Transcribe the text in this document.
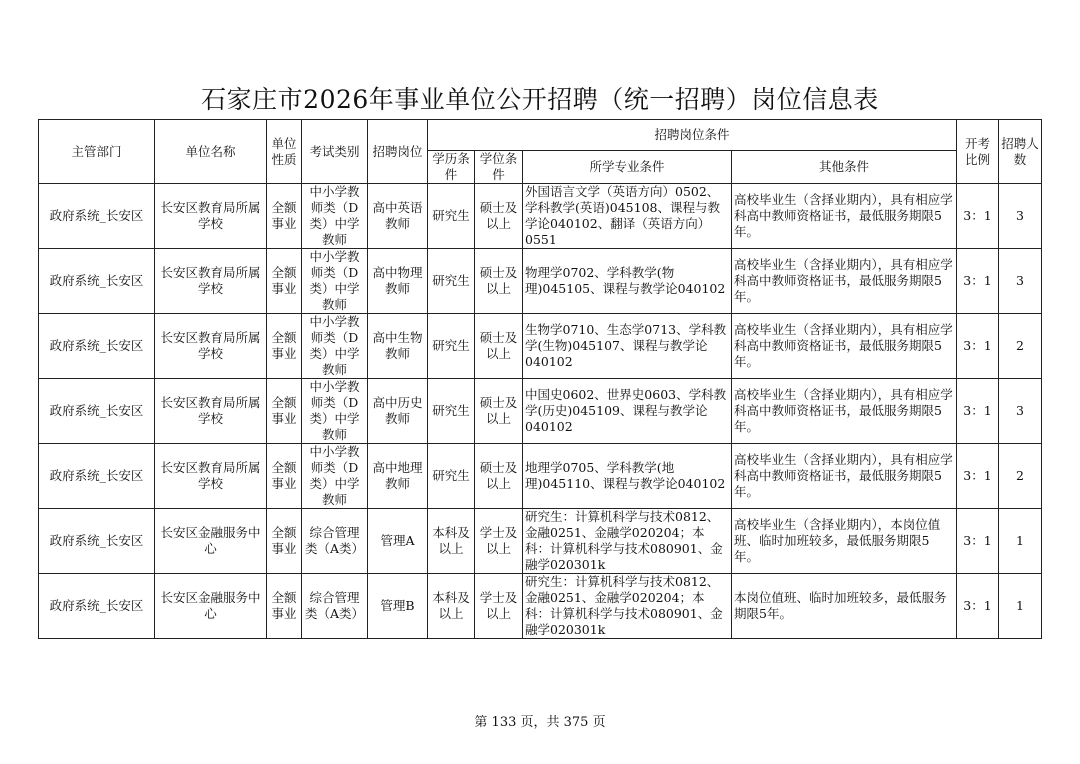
石家庄市2026年事业单位公开招聘（统一招聘）岗位信息表
主管部门	单位名称	单位性质	考试类别	招聘岗位	招聘岗位条件				开考比例	招聘人数
					学历条件	学位条件	所学专业条件	其他条件		
政府系统_长安区	长安区教育局所属学校	全额事业	中小学教师类（D类）中学教师	高中英语教师	研究生	硕士及以上	外国语言文学（英语方向）0502、学科教学(英语)045108、课程与教学论040102、翻译（英语方向）0551	高校毕业生（含择业期内），具有相应学科高中教师资格证书，最低服务期限5年。	3：1	3
政府系统_长安区	长安区教育局所属学校	全额事业	中小学教师类（D类）中学教师	高中物理教师	研究生	硕士及以上	物理学0702、学科教学(物理)045105、课程与教学论040102	高校毕业生（含择业期内），具有相应学科高中教师资格证书，最低服务期限5年。	3：1	3
政府系统_长安区	长安区教育局所属学校	全额事业	中小学教师类（D类）中学教师	高中生物教师	研究生	硕士及以上	生物学0710、生态学0713、学科教学(生物)045107、课程与教学论040102	高校毕业生（含择业期内），具有相应学科高中教师资格证书，最低服务期限5年。	3：1	2
政府系统_长安区	长安区教育局所属学校	全额事业	中小学教师类（D类）中学教师	高中历史教师	研究生	硕士及以上	中国史0602、世界史0603、学科教学(历史)045109、课程与教学论040102	高校毕业生（含择业期内），具有相应学科高中教师资格证书，最低服务期限5年。	3：1	3
政府系统_长安区	长安区教育局所属学校	全额事业	中小学教师类（D类）中学教师	高中地理教师	研究生	硕士及以上	地理学0705、学科教学(地理)045110、课程与教学论040102	高校毕业生（含择业期内），具有相应学科高中教师资格证书，最低服务期限5年。	3：1	2
政府系统_长安区	长安区金融服务中心	全额事业	综合管理类（A类）	管理A	本科及以上	学士及以上	研究生：计算机科学与技术0812、金融0251、金融学020204；本科：计算机科学与技术080901、金融学020301k	高校毕业生（含择业期内），本岗位值班、临时加班较多，最低服务期限5年。	3：1	1
政府系统_长安区	长安区金融服务中心	全额事业	综合管理类（A类）	管理B	本科及以上	学士及以上	研究生：计算机科学与技术0812、金融0251、金融学020204；本科：计算机科学与技术080901、金融学020301k	本岗位值班、临时加班较多，最低服务期限5年。	3：1	1
第 133 页，共 375 页
